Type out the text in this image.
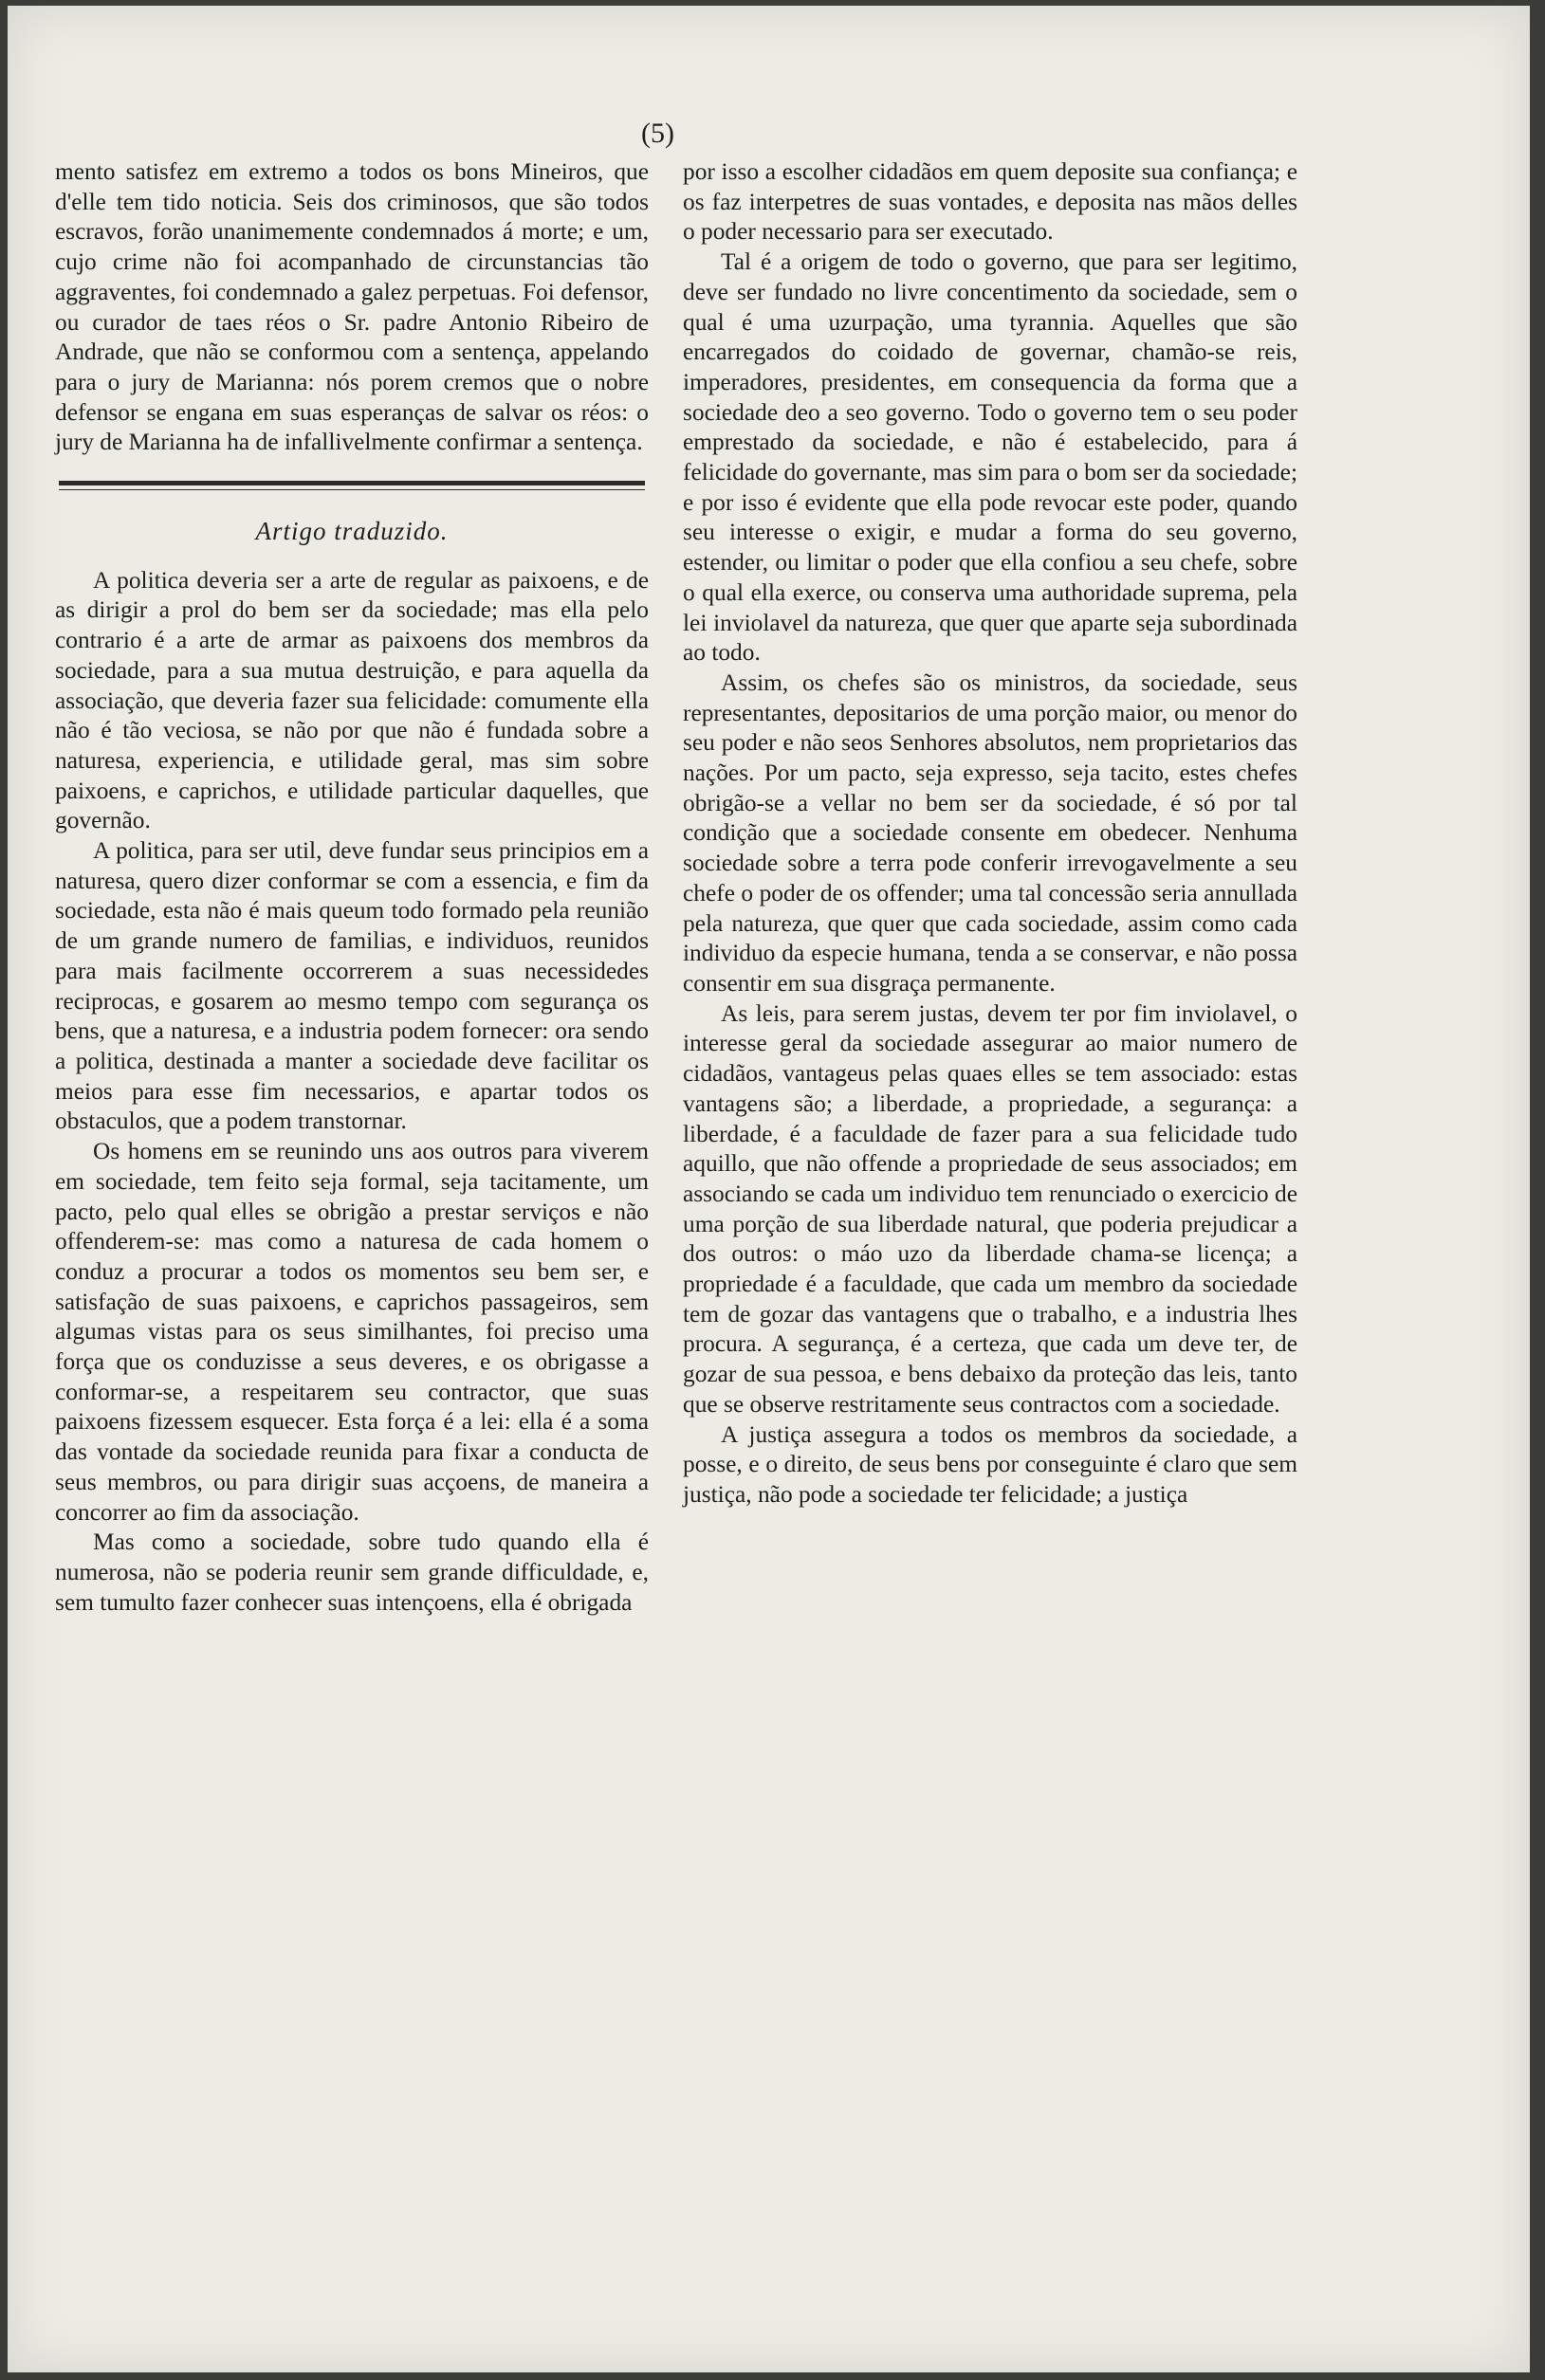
(5)

mento satisfez em extremo a todos os bons Mineiros, que d'elle tem tido noticia. Seis dos criminosos, que são todos escravos, forão unanimemente condemnados á morte; e um, cujo crime não foi acompanhado de circunstancias tão aggraventes, foi condemnado a galez perpetuas. Foi defensor, ou curador de taes réos o Sr. padre Antonio Ribeiro de Andrade, que não se conformou com a sentença, appelando para o jury de Marianna: nós porem cremos que o nobre defensor se engana em suas esperanças de salvar os réos: o jury de Marianna ha de infallivelmente confirmar a sentença.

Artigo traduzido.

A politica deveria ser a arte de regular as paixoens, e de as dirigir a prol do bem ser da sociedade; mas ella pelo contrario é a arte de armar as paixoens dos membros da sociedade, para a sua mutua destruição, e para aquella da associação, que deveria fazer sua felicidade: comumente ella não é tão veciosa, se não por que não é fundada sobre a naturesa, experiencia, e utilidade geral, mas sim sobre paixoens, e caprichos, e utilidade particular daquelles, que governão.

A politica, para ser util, deve fundar seus principios em a naturesa, quero dizer conformar se com a essencia, e fim da sociedade, esta não é mais queum todo formado pela reunião de um grande numero de familias, e individuos, reunidos para mais facilmente occorrerem a suas necessidedes reciprocas, e gosarem ao mesmo tempo com segurança os bens, que a naturesa, e a industria podem fornecer: ora sendo a politica, destinada a manter a sociedade deve facilitar os meios para esse fim necessarios, e apartar todos os obstaculos, que a podem transtornar.

Os homens em se reunindo uns aos outros para viverem em sociedade, tem feito seja formal, seja tacitamente, um pacto, pelo qual elles se obrigão a prestar serviços e não offenderem-se: mas como a naturesa de cada homem o conduz a procurar a todos os momentos seu bem ser, e satisfação de suas paixoens, e caprichos passageiros, sem algumas vistas para os seus similhantes, foi preciso uma força que os conduzisse a seus deveres, e os obrigasse a conformar-se, a respeitarem seu contractor, que suas paixoens fizessem esquecer. Esta força é a lei: ella é a soma das vontade da sociedade reunida para fixar a conducta de seus membros, ou para dirigir suas acçoens, de maneira a concorrer ao fim da associação.

Mas como a sociedade, sobre tudo quando ella é numerosa, não se poderia reunir sem grande difficuldade, e, sem tumulto fazer conhecer suas intençoens, ella é obrigada

por isso a escolher cidadãos em quem deposite sua confiança; e os faz interpetres de suas vontades, e deposita nas mãos delles o poder necessario para ser executado.

Tal é a origem de todo o governo, que para ser legitimo, deve ser fundado no livre concentimento da sociedade, sem o qual é uma uzurpação, uma tyrannia. Aquelles que são encarregados do coidado de governar, chamão-se reis, imperadores, presidentes, em consequencia da forma que a sociedade deo a seo governo. Todo o governo tem o seu poder emprestado da sociedade, e não é estabelecido, para á felicidade do governante, mas sim para o bom ser da sociedade; e por isso é evidente que ella pode revocar este poder, quando seu interesse o exigir, e mudar a forma do seu governo, estender, ou limitar o poder que ella confiou a seu chefe, sobre o qual ella exerce, ou conserva uma authoridade suprema, pela lei inviolavel da natureza, que quer que aparte seja subordinada ao todo.

Assim, os chefes são os ministros, da sociedade, seus representantes, depositarios de uma porção maior, ou menor do seu poder e não seos Senhores absolutos, nem proprietarios das nações. Por um pacto, seja expresso, seja tacito, estes chefes obrigão-se a vellar no bem ser da sociedade, é só por tal condição que a sociedade consente em obedecer. Nenhuma sociedade sobre a terra pode conferir irrevogavelmente a seu chefe o poder de os offender; uma tal concessão seria annullada pela natureza, que quer que cada sociedade, assim como cada individuo da especie humana, tenda a se conservar, e não possa consentir em sua disgraça permanente.

As leis, para serem justas, devem ter por fim inviolavel, o interesse geral da sociedade assegurar ao maior numero de cidadãos, vantageus pelas quaes elles se tem associado: estas vantagens são; a liberdade, a propriedade, a segurança: a liberdade, é a faculdade de fazer para a sua felicidade tudo aquillo, que não offende a propriedade de seus associados; em associando se cada um individuo tem renunciado o exercicio de uma porção de sua liberdade natural, que poderia prejudicar a dos outros: o máo uzo da liberdade chama-se licença; a propriedade é a faculdade, que cada um membro da sociedade tem de gozar das vantagens que o trabalho, e a industria lhes procura. A segurança, é a certeza, que cada um deve ter, de gozar de sua pessoa, e bens debaixo da proteção das leis, tanto que se observe restritamente seus contractos com a sociedade.

A justiça assegura a todos os membros da sociedade, a posse, e o direito, de seus bens por conseguinte é claro que sem justiça, não pode a sociedade ter felicidade; a justiça
